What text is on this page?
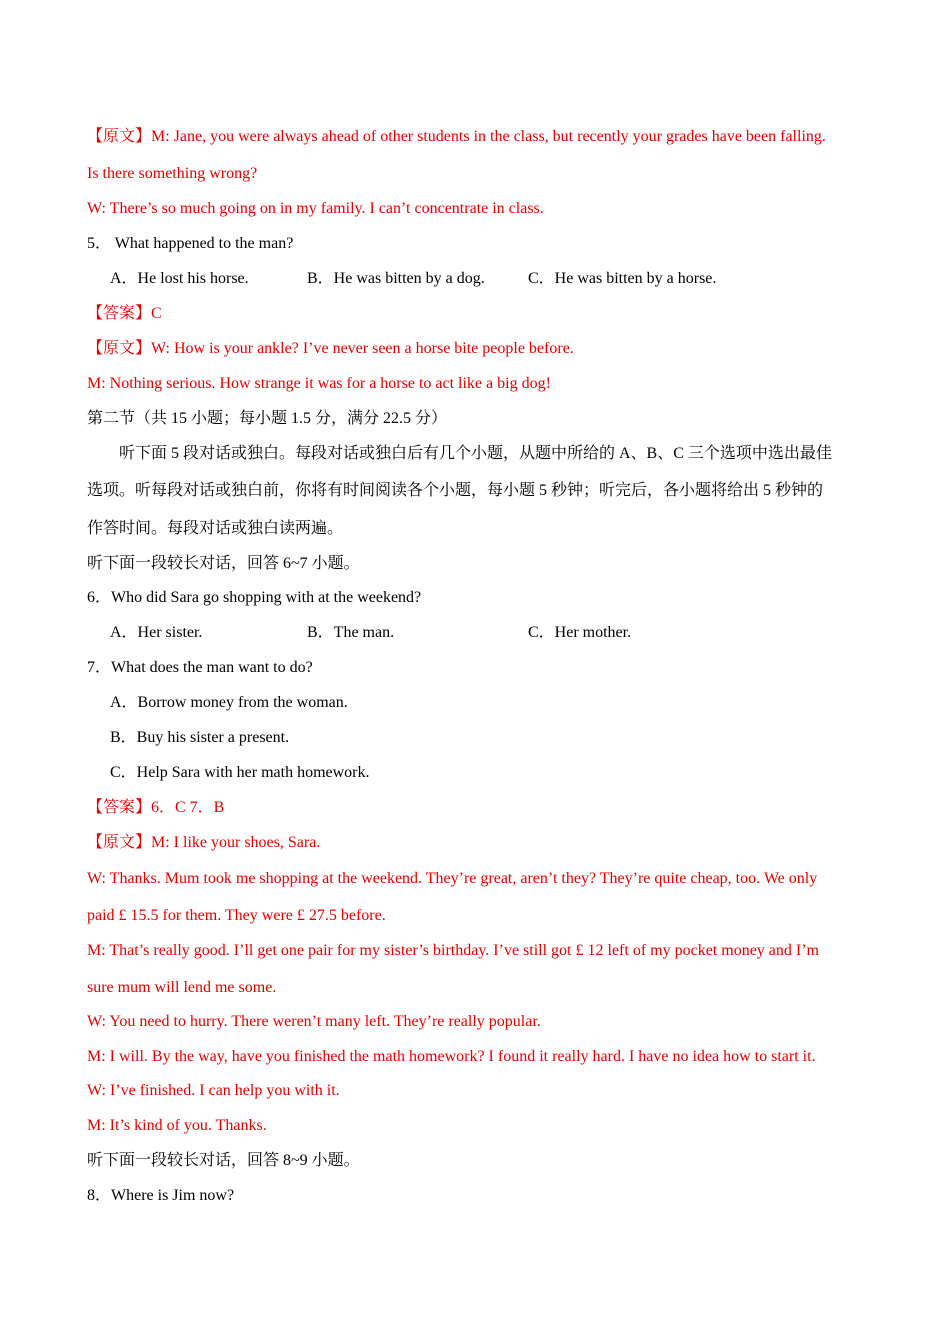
【原文】M: Jane, you were always ahead of other students in the class, but recently your grades have been falling.
Is there something wrong?
W: There’s so much going on in my family. I can’t concentrate in class.
5． What happened to the man?
A．He lost his horse.	B．He was bitten by a dog.	C．He was bitten by a horse.
【答案】C
【原文】W: How is your ankle? I’ve never seen a horse bite people before.
M: Nothing serious. How strange it was for a horse to act like a big dog!
第二节（共 15 小题；每小题 1.5 分，满分 22.5 分）
听下面 5 段对话或独白。每段对话或独白后有几个小题，从题中所给的 A、B、C 三个选项中选出最佳
选项。听每段对话或独白前，你将有时间阅读各个小题，每小题 5 秒钟；听完后，各小题将给出 5 秒钟的
作答时间。每段对话或独白读两遍。
听下面一段较长对话，回答 6~7 小题。
6．Who did Sara go shopping with at the weekend?
A．Her sister.	B．The man.	C．Her mother.
7．What does the man want to do?
A．Borrow money from the woman.
B．Buy his sister a present.
C．Help Sara with her math homework.
【答案】6．C 7．B
【原文】M: I like your shoes, Sara.
W: Thanks. Mum took me shopping at the weekend. They’re great, aren’t they? They’re quite cheap, too. We only
paid £ 15.5 for them. They were £ 27.5 before.
M: That’s really good. I’ll get one pair for my sister’s birthday. I’ve still got £ 12 left of my pocket money and I’m
sure mum will lend me some.
W: You need to hurry. There weren’t many left. They’re really popular.
M: I will. By the way, have you finished the math homework? I found it really hard. I have no idea how to start it.
W: I’ve finished. I can help you with it.
M: It’s kind of you. Thanks.
听下面一段较长对话，回答 8~9 小题。
8．Where is Jim now?
